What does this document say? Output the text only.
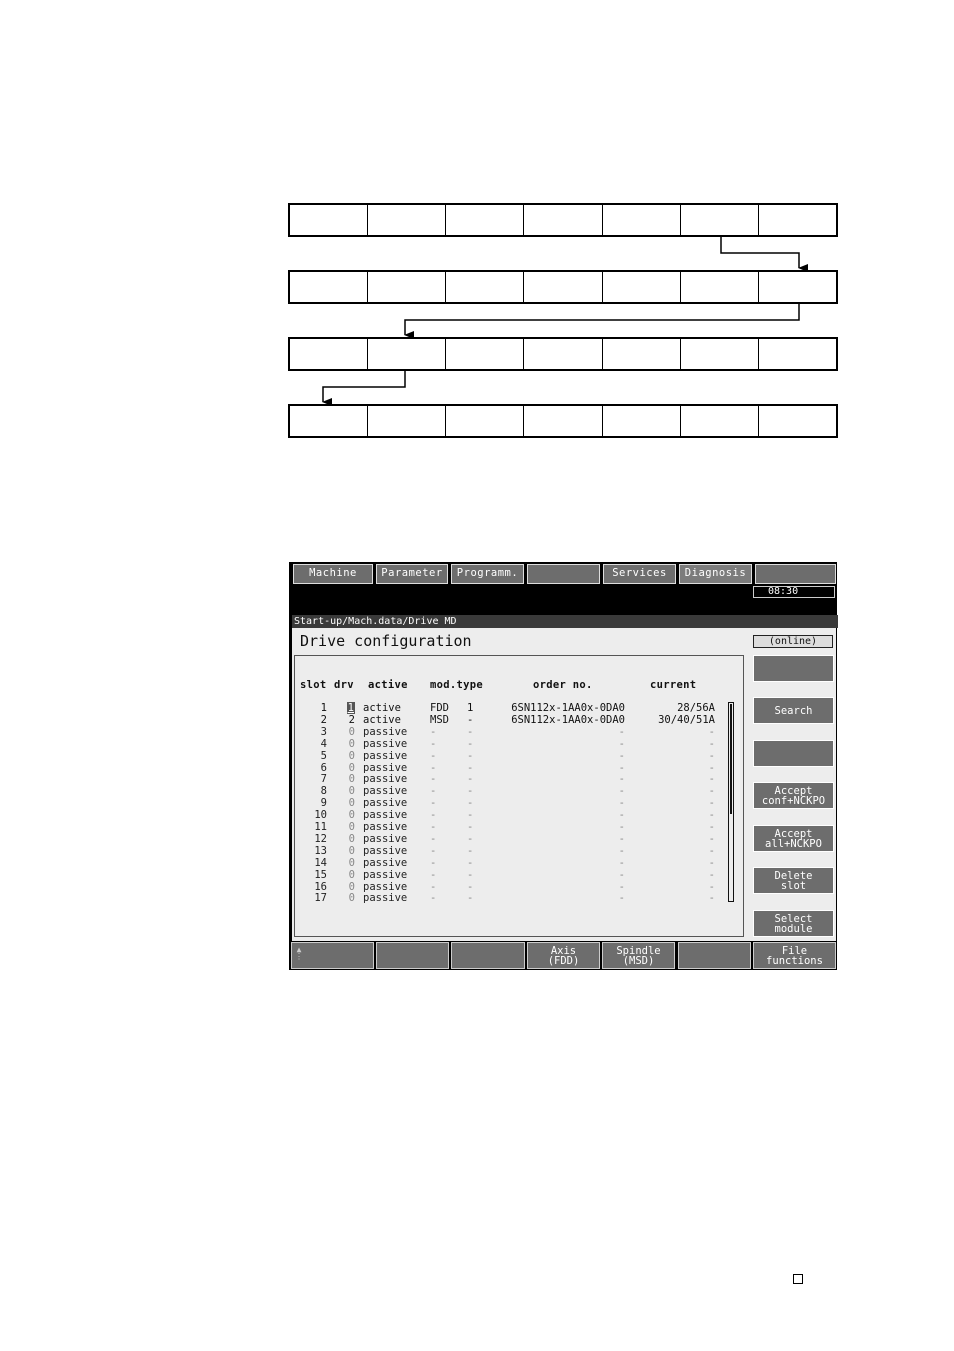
Machine	Parameter	Programm.	Services	Diagnosis
08:30
Start-up/Mach.data/Drive MD
Drive configuration	(online)
slot drv active mod.type	order no.	current
1 1 active	FDD 1	6SN112x-1AA0x-0DA0	28/56A
2 2 active	MSD -	6SN112x-1AA0x-0DA0	30/40/51A
3 0 passive -	-	-	-
4 0 passive -	-	-	-
5 0 passive -	-	-	-
6 0 passive -	-	-	-
7 0 passive -	-	-	-
8 0 passive -	-	-	-
9 0 passive -	-	-	-
10 0 passive -	-	-	-
11 0 passive -	-	-	-
12 0 passive -	-	-	-
13 0 passive -	-	-	-
14 0 passive -	-	-	-
15 0 passive -	-	-	-
16 0 passive -	-	-	-
17 0 passive -	-	-	-
Search
Accept
conf+NCKPO
Accept
all+NCKPO
Delete
slot
Select
module
▲
⋮	Axis
(FDD)
Spindle
(MSD)
File
functions
